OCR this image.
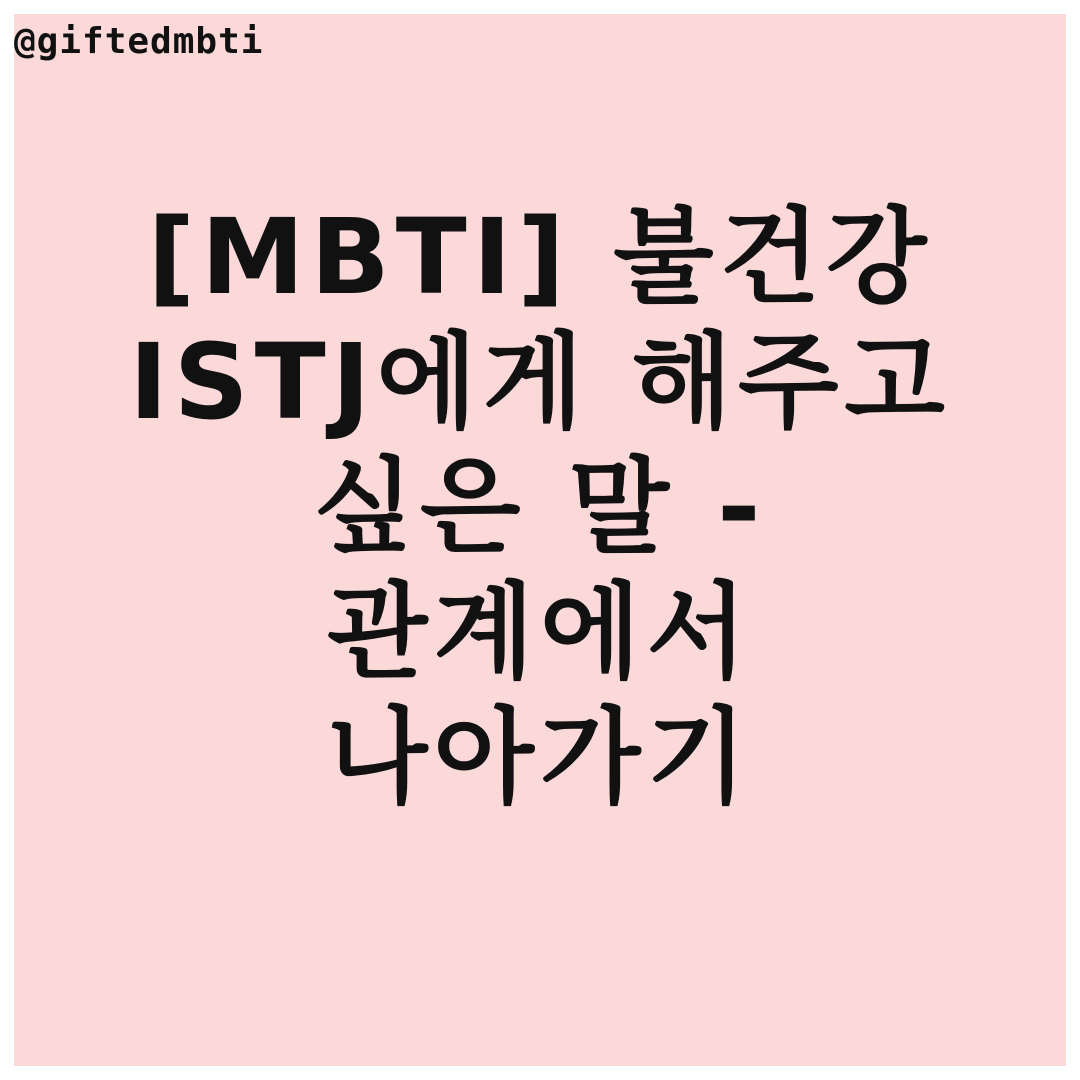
@giftedmbti
[MBTI] 불건강
ISTJ에게 해주고
싶은 말 -
관계에서
나아가기
